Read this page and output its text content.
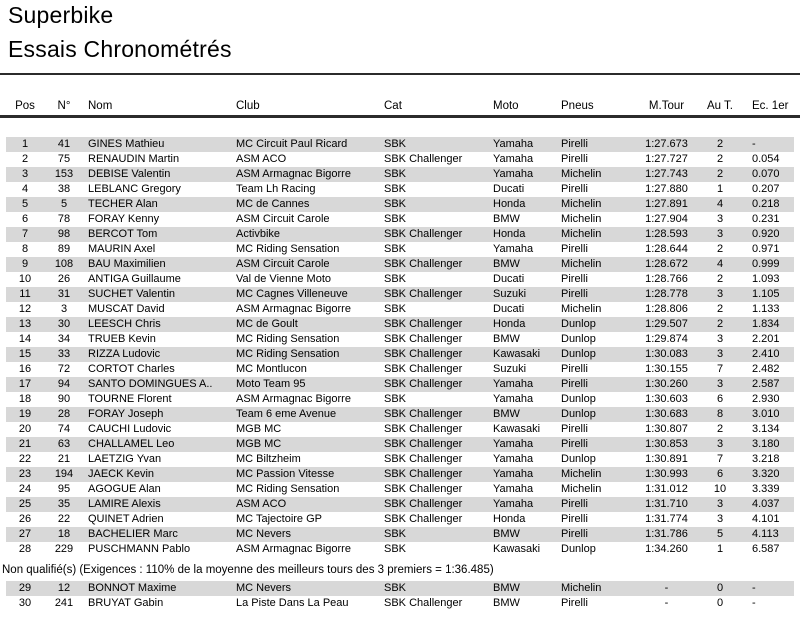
Superbike
Essais Chronométrés
Pos	N°	Nom	Club	Cat	Moto	Pneus	M.Tour	Au T.	Ec. 1er
1	41	GINES Mathieu	MC Circuit Paul Ricard	SBK	Yamaha	Pirelli	1:27.673	2	-
2	75	RENAUDIN Martin	ASM ACO	SBK Challenger	Yamaha	Pirelli	1:27.727	2	0.054
3	153	DEBISE Valentin	ASM Armagnac Bigorre	SBK	Yamaha	Michelin	1:27.743	2	0.070
4	38	LEBLANC Gregory	Team Lh Racing	SBK	Ducati	Pirelli	1:27.880	1	0.207
5	5	TECHER Alan	MC de Cannes	SBK	Honda	Michelin	1:27.891	4	0.218
6	78	FORAY Kenny	ASM Circuit Carole	SBK	BMW	Michelin	1:27.904	3	0.231
7	98	BERCOT Tom	Activbike	SBK Challenger	Honda	Michelin	1:28.593	3	0.920
8	89	MAURIN Axel	MC Riding Sensation	SBK	Yamaha	Pirelli	1:28.644	2	0.971
9	108	BAU Maximilien	ASM Circuit Carole	SBK Challenger	BMW	Michelin	1:28.672	4	0.999
10	26	ANTIGA Guillaume	Val de Vienne Moto	SBK	Ducati	Pirelli	1:28.766	2	1.093
11	31	SUCHET Valentin	MC Cagnes Villeneuve	SBK Challenger	Suzuki	Pirelli	1:28.778	3	1.105
12	3	MUSCAT David	ASM Armagnac Bigorre	SBK	Ducati	Michelin	1:28.806	2	1.133
13	30	LEESCH Chris	MC de Goult	SBK Challenger	Honda	Dunlop	1:29.507	2	1.834
14	34	TRUEB Kevin	MC Riding Sensation	SBK Challenger	BMW	Dunlop	1:29.874	3	2.201
15	33	RIZZA Ludovic	MC Riding Sensation	SBK Challenger	Kawasaki	Dunlop	1:30.083	3	2.410
16	72	CORTOT Charles	MC Montlucon	SBK Challenger	Suzuki	Pirelli	1:30.155	7	2.482
17	94	SANTO DOMINGUES A..	Moto Team 95	SBK Challenger	Yamaha	Pirelli	1:30.260	3	2.587
18	90	TOURNE Florent	ASM Armagnac Bigorre	SBK	Yamaha	Dunlop	1:30.603	6	2.930
19	28	FORAY Joseph	Team 6 eme Avenue	SBK Challenger	BMW	Dunlop	1:30.683	8	3.010
20	74	CAUCHI Ludovic	MGB MC	SBK Challenger	Kawasaki	Pirelli	1:30.807	2	3.134
21	63	CHALLAMEL Leo	MGB MC	SBK Challenger	Yamaha	Pirelli	1:30.853	3	3.180
22	21	LAETZIG Yvan	MC Biltzheim	SBK Challenger	Yamaha	Dunlop	1:30.891	7	3.218
23	194	JAECK Kevin	MC Passion Vitesse	SBK Challenger	Yamaha	Michelin	1:30.993	6	3.320
24	95	AGOGUE Alan	MC Riding Sensation	SBK Challenger	Yamaha	Michelin	1:31.012	10	3.339
25	35	LAMIRE Alexis	ASM ACO	SBK Challenger	Yamaha	Pirelli	1:31.710	3	4.037
26	22	QUINET Adrien	MC Tajectoire GP	SBK Challenger	Honda	Pirelli	1:31.774	3	4.101
27	18	BACHELIER Marc	MC Nevers	SBK	BMW	Pirelli	1:31.786	5	4.113
28	229	PUSCHMANN Pablo	ASM Armagnac Bigorre	SBK	Kawasaki	Dunlop	1:34.260	1	6.587
Non qualifié(s) (Exigences : 110% de la moyenne des meilleurs tours des 3 premiers = 1:36.485)
29	12	BONNOT Maxime	MC Nevers	SBK	BMW	Michelin	-	0	-
30	241	BRUYAT Gabin	La Piste Dans La Peau	SBK Challenger	BMW	Pirelli	-	0	-
